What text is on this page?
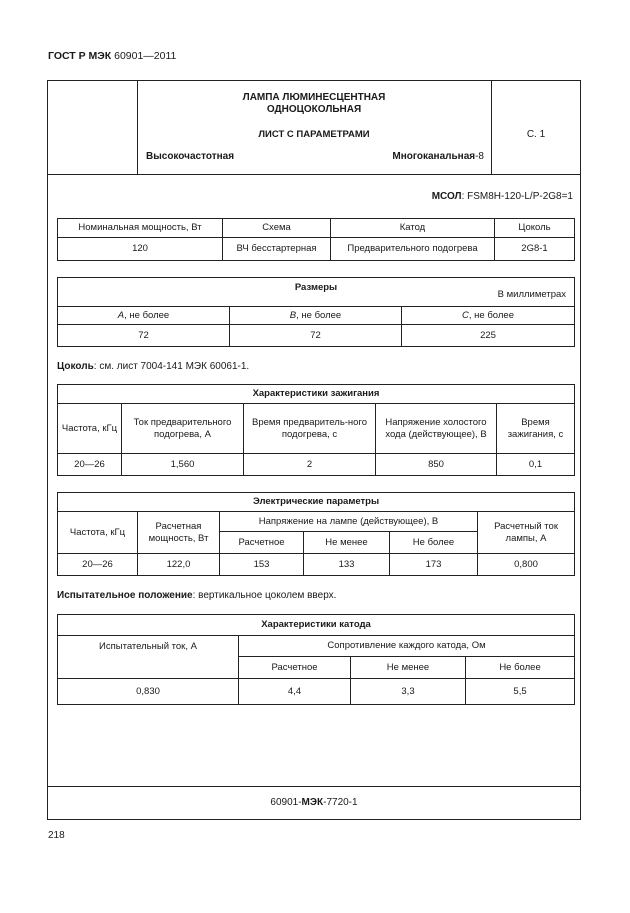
ГОСТ Р МЭК 60901—2011
ЛАМПА ЛЮМИНЕСЦЕНТНАЯ
ОДНОЦОКОЛЬНАЯ
ЛИСТ С ПАРАМЕТРАМИ
Высокочастотная	Многоканальная-8
С. 1
МСОЛ: FSM8H-120-L/P-2G8=1
Номинальная мощность, Вт	Схема	Катод	Цоколь
120	ВЧ бесстартерная	Предварительного подогрева	2G8-1
Размеры
В миллиметрах		

А, не более	В, не более	С, не более
72	72	225
Цоколь: см. лист 7004-141 МЭК 60061-1.
Характеристики зажигания				
Частота, кГц	Ток предварительного подогрева, А	Время предваритель-ного подогрева, с	Напряжение холостого хода (действующее), В	Время зажигания, с
20—26	1,560	2	850	0,1
Электрические параметры					
Частота, кГц	Расчетная мощность, Вт	Напряжение на лампе (действующее), В			Расчетный ток лампы, А
		Расчетное	Не менее	Не более	
20—26	122,0	153	133	173	0,800
Испытательное положение: вертикальное цоколем вверх.
Характеристики катода			
Испытательный ток, А	Сопротивление каждого катода, Ом		
	Расчетное	Не менее	Не более
0,830	4,4	3,3	5,5
60901-МЭК-7720-1
218
